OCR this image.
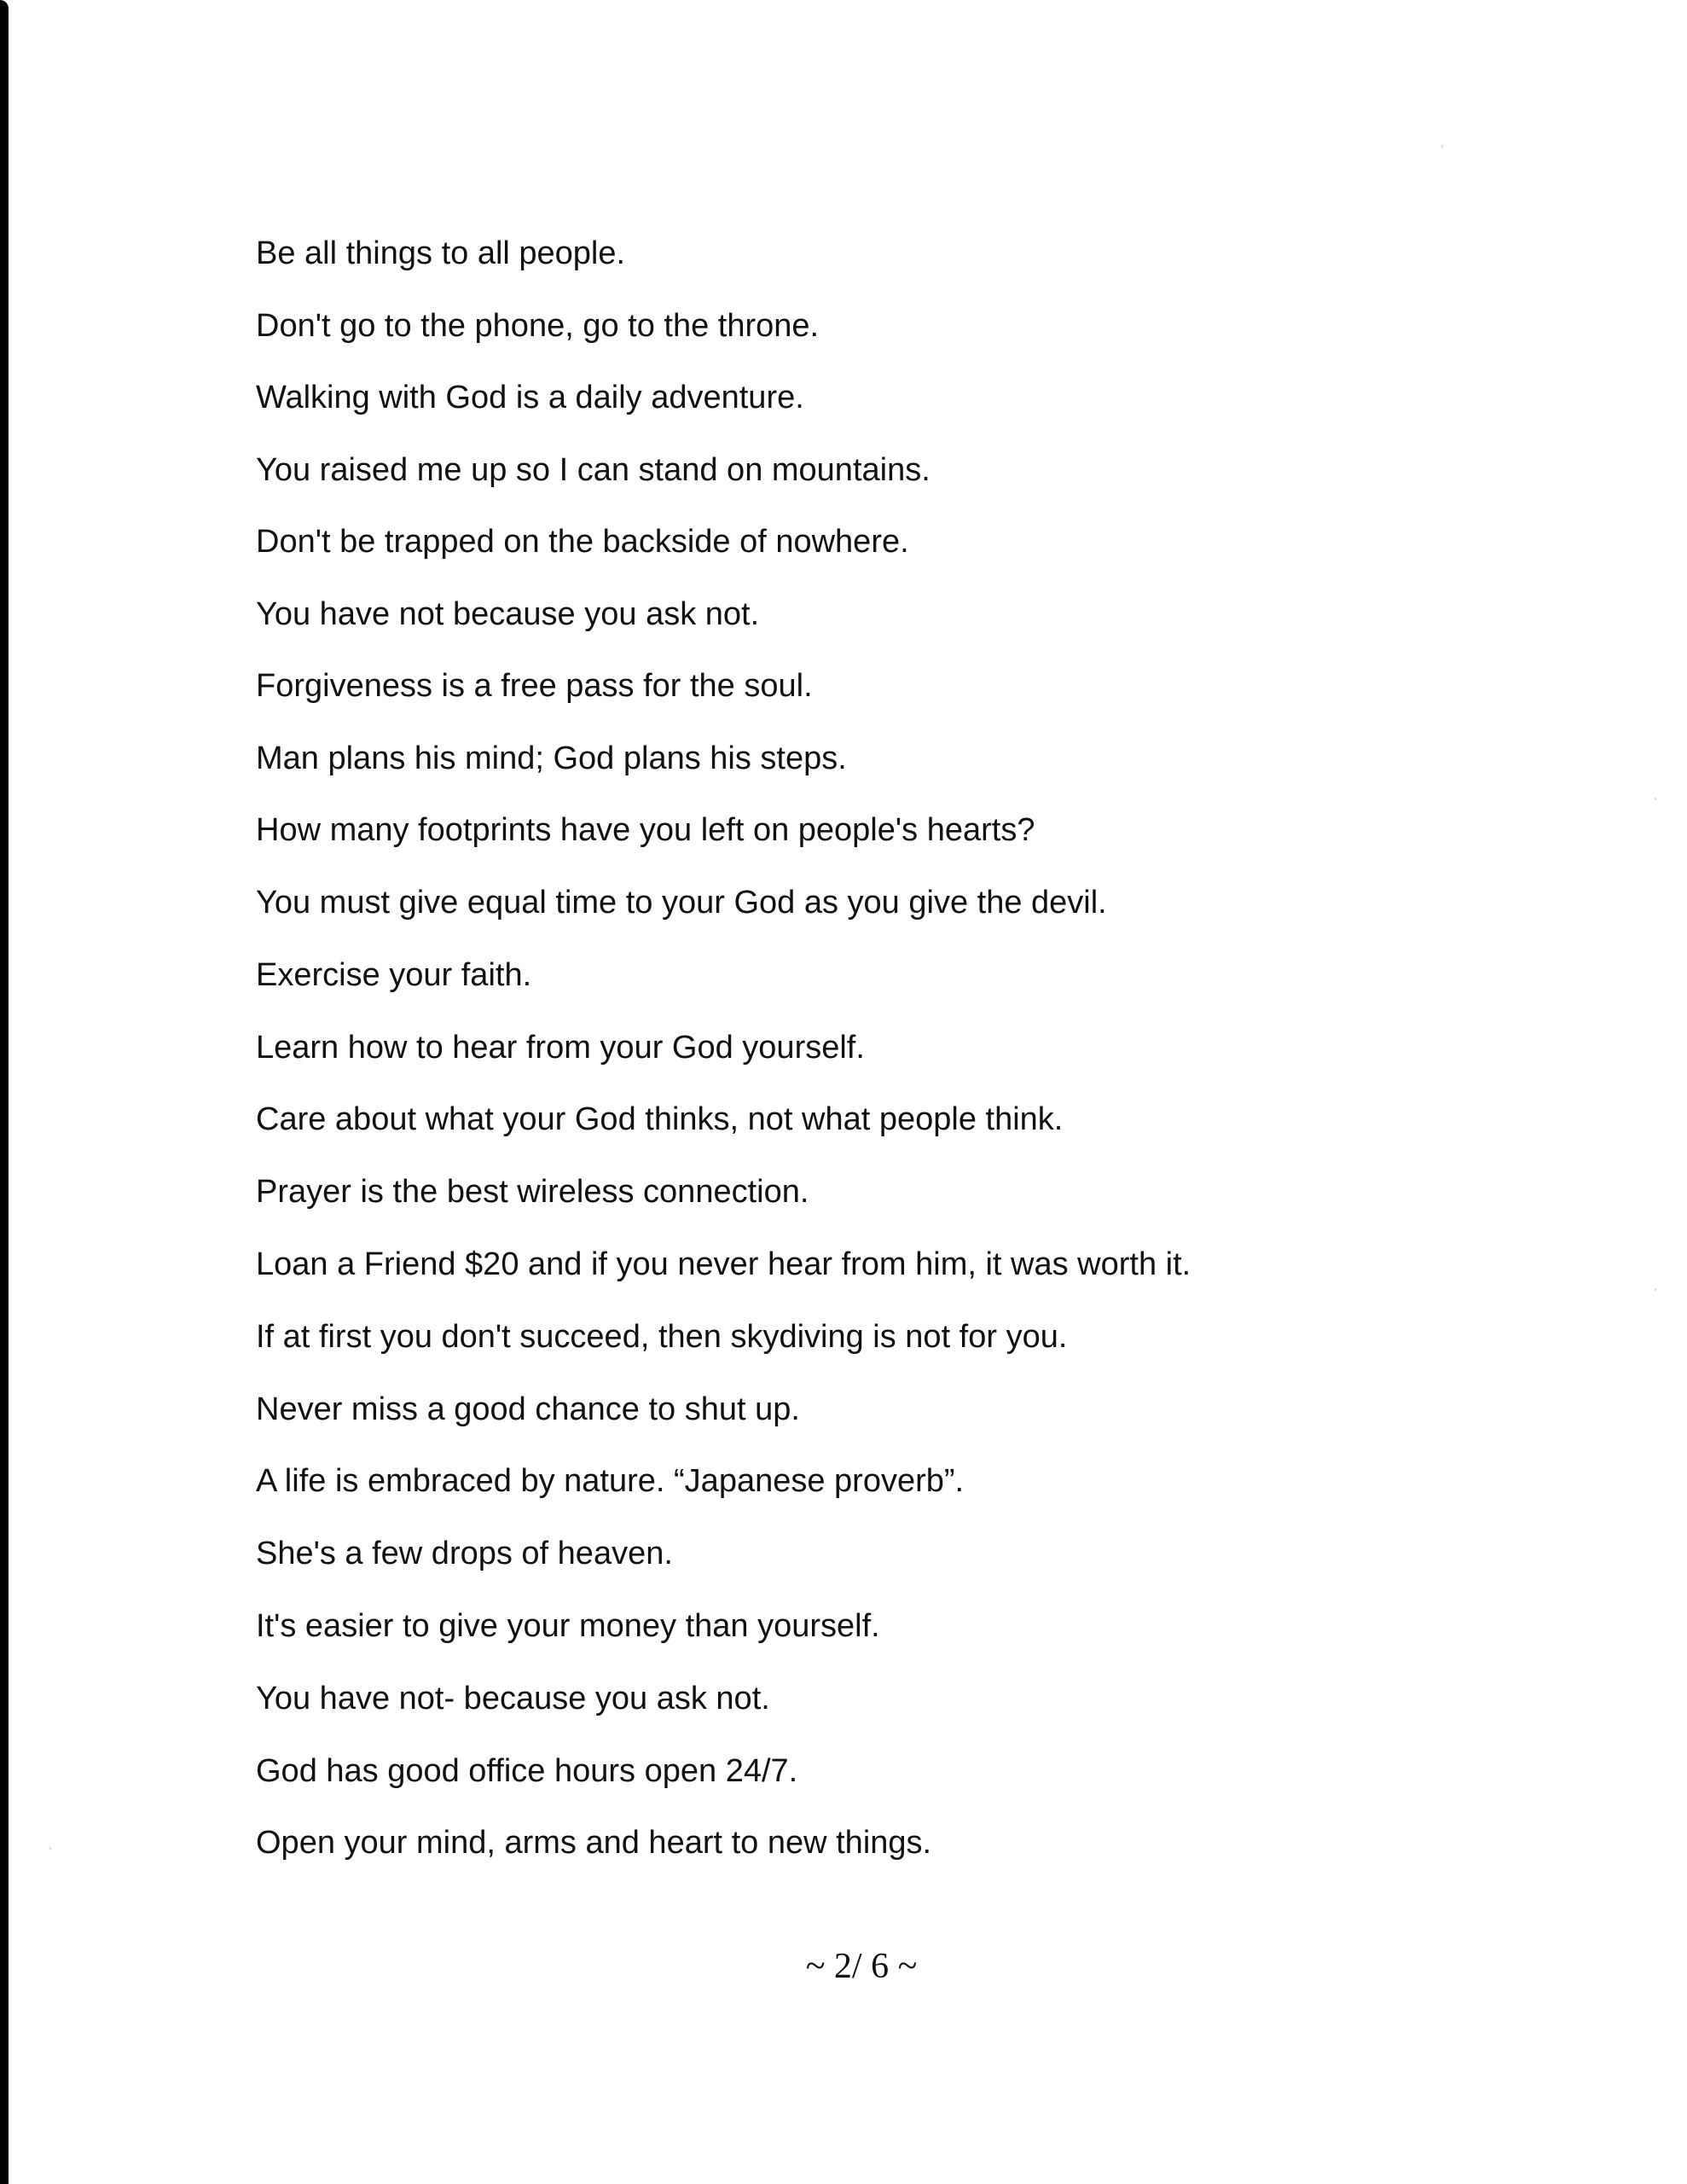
Be all things to all people.
Don't go to the phone, go to the throne.
Walking with God is a daily adventure.
You raised me up so I can stand on mountains.
Don't be trapped on the backside of nowhere.
You have not because you ask not.
Forgiveness is a free pass for the soul.
Man plans his mind; God plans his steps.
How many footprints have you left on people's hearts?
You must give equal time to your God as you give the devil.
Exercise your faith.
Learn how to hear from your God yourself.
Care about what your God thinks, not what people think.
Prayer is the best wireless connection.
Loan a Friend $20 and if you never hear from him, it was worth it.
If at first you don't succeed, then skydiving is not for you.
Never miss a good chance to shut up.
A life is embraced by nature. “Japanese proverb”.
She's a few drops of heaven.
It's easier to give your money than yourself.
You have not- because you ask not.
God has good office hours open 24/7.
Open your mind, arms and heart to new things.
~ 2/ 6 ~
